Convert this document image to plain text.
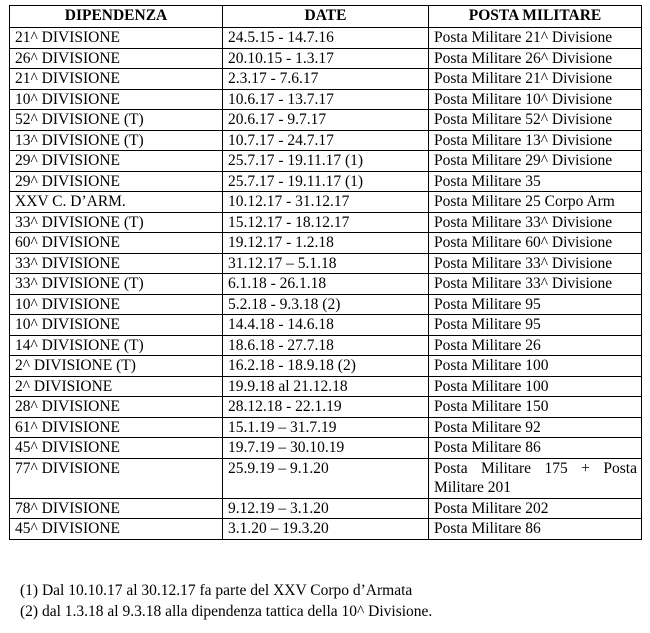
DIPENDENZA	DATE	POSTA MILITARE
21^ DIVISIONE	24.5.15 - 14.7.16	Posta Militare 21^ Divisione
26^ DIVISIONE	20.10.15 - 1.3.17	Posta Militare 26^ Divisione
21^ DIVISIONE	2.3.17 - 7.6.17	Posta Militare 21^ Divisione
10^ DIVISIONE	10.6.17 - 13.7.17	Posta Militare 10^ Divisione
52^ DIVISIONE (T)	20.6.17 - 9.7.17	Posta Militare 52^ Divisione
13^ DIVISIONE (T)	10.7.17 - 24.7.17	Posta Militare 13^ Divisione
29^ DIVISIONE	25.7.17 - 19.11.17 (1)	Posta Militare 29^ Divisione
29^ DIVISIONE	25.7.17 - 19.11.17 (1)	Posta Militare 35
XXV C. D’ARM.	10.12.17 - 31.12.17	Posta Militare 25 Corpo Arm
33^ DIVISIONE (T)	15.12.17 - 18.12.17	Posta Militare 33^ Divisione
60^ DIVISIONE	19.12.17 - 1.2.18	Posta Militare 60^ Divisione
33^ DIVISIONE	31.12.17 – 5.1.18	Posta Militare 33^ Divisione
33^ DIVISIONE (T)	6.1.18 - 26.1.18	Posta Militare 33^ Divisione
10^ DIVISIONE	5.2.18 - 9.3.18 (2)	Posta Militare 95
10^ DIVISIONE	14.4.18 - 14.6.18	Posta Militare 95
14^ DIVISIONE (T)	18.6.18 - 27.7.18	Posta Militare 26
2^ DIVISIONE (T)	16.2.18 - 18.9.18 (2)	Posta Militare 100
2^ DIVISIONE	19.9.18 al 21.12.18	Posta Militare 100
28^ DIVISIONE	28.12.18 - 22.1.19	Posta Militare 150
61^ DIVISIONE	15.1.19 – 31.7.19	Posta Militare 92
45^ DIVISIONE	19.7.19 – 30.10.19	Posta Militare 86
77^ DIVISIONE	25.9.19 – 9.1.20	Posta Militare 175 + Posta Militare 201
78^ DIVISIONE	9.12.19 – 3.1.20	Posta Militare 202
45^ DIVISIONE	3.1.20 – 19.3.20	Posta Militare 86
(1) Dal 10.10.17 al 30.12.17 fa parte del XXV Corpo d’Armata
(2) dal 1.3.18 al 9.3.18 alla dipendenza tattica della 10^ Divisione.
